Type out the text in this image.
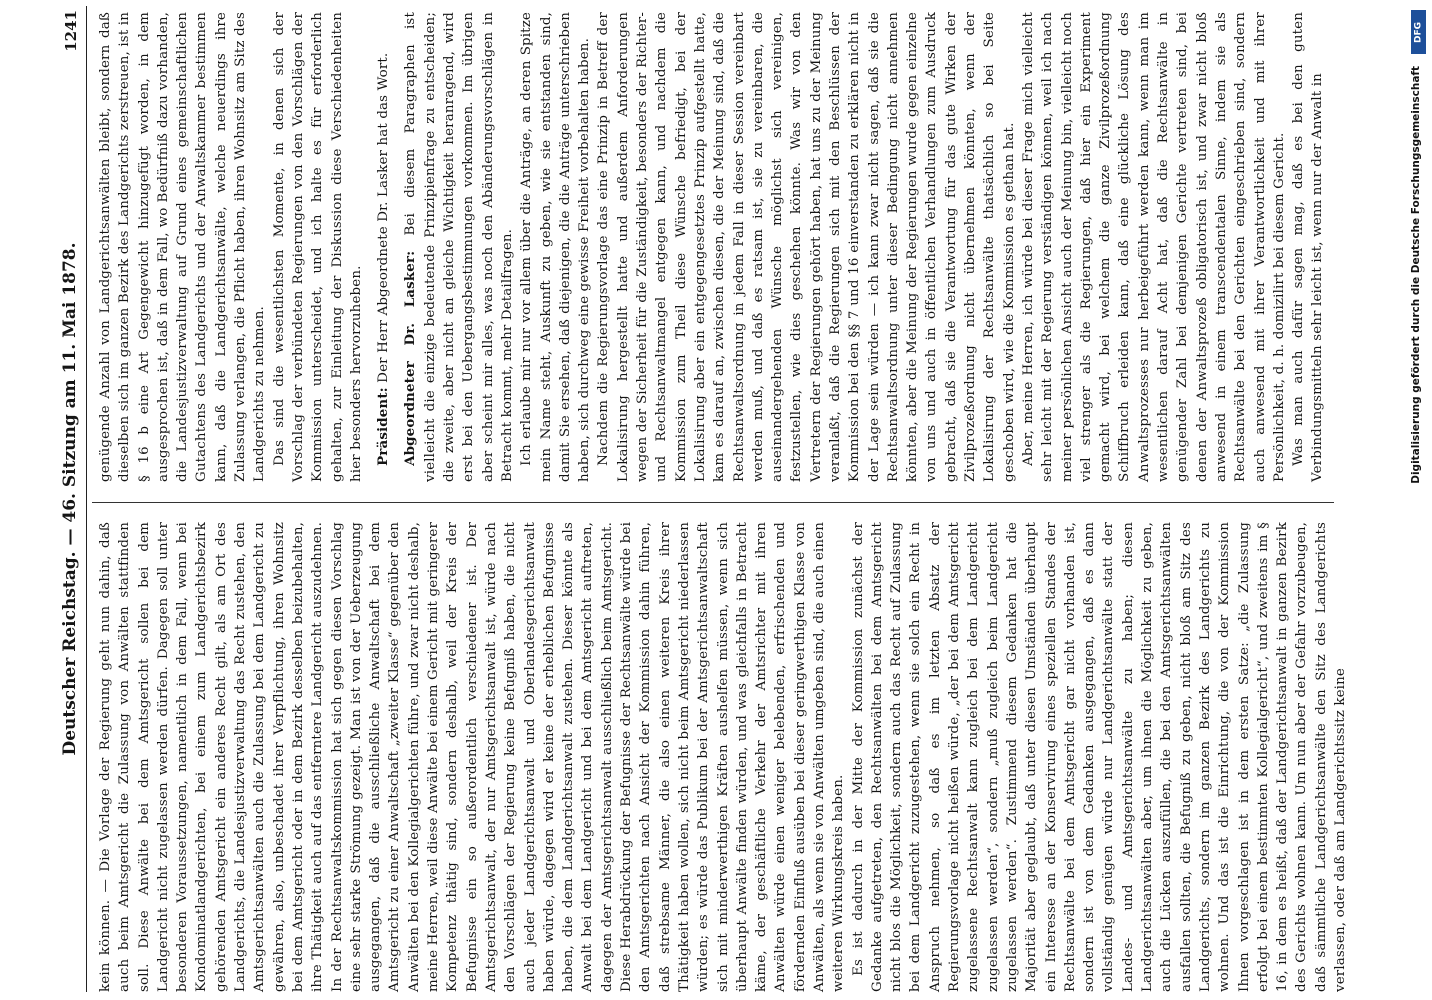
Deutscher Reichstag. — 46. Sitzung am 11. Mai 1878.
1241

kein können. — Die Vorlage der Regierung geht nun dahin, daß auch beim Amtsgericht die Zulassung von Anwälten stattfinden soll. Diese Anwälte bei dem Amtsgericht sollen bei dem Landgericht nicht zugelassen werden dürfen. Dagegen soll unter besonderen Voraussetzungen, namentlich in dem Fall, wenn bei Kondominatlandgerichten, bei einem zum Landgerichtsbezirk gehörenden Amtsgericht ein anderes Recht gilt, als am Ort des Landgerichts, die Landesjustizverwaltung das Recht zustehen, den Amtsgerichtsanwälten auch die Zulassung bei dem Landgericht zu gewähren, also, unbeschadet ihrer Verpflichtung, ihren Wohnsitz bei dem Amtsgericht oder in dem Bezirk desselben beizubehalten, ihre Thätigkeit auch auf das entferntere Landgericht auszudehnen. In der Rechtsanwaltskommission hat sich gegen diesen Vorschlag eine sehr starke Strömung gezeigt. Man ist von der Ueberzeugung ausgegangen, daß die ausschließliche Anwaltschaft bei dem Amtsgericht zu einer Anwaltschaft „zweiter Klasse“ gegenüber den Anwälten bei den Kollegialgerichten führe, und zwar nicht deshalb, meine Herren, weil diese Anwälte bei einem Gericht mit geringerer Kompetenz thätig sind, sondern deshalb, weil der Kreis der Befugnisse ein so außerordentlich verschiedener ist. Der Amtsgerichtsanwalt, der nur Amtsgerichtsanwalt ist, würde nach den Vorschlägen der Regierung keine Befugniß haben, die nicht auch jeder Landgerichtsanwalt und Oberlandesgerichtsanwalt haben würde, dagegen wird er keine der erheblichen Befugnisse haben, die dem Landgerichtsanwalt zustehen. Dieser könnte als Anwalt bei dem Landgericht und bei dem Amtsgericht auftreten, dagegen der Amtsgerichtsanwalt ausschließlich beim Amtsgericht. Diese Herabdrückung der Befugnisse der Rechtsanwälte würde bei den Amtsgerichten nach Ansicht der Kommission dahin führen, daß strebsame Männer, die also einen weiteren Kreis ihrer Thätigkeit haben wollen, sich nicht beim Amtsgericht niederlassen würden; es würde das Publikum bei der Amtsgerichtsanwaltschaft sich mit minderwerthigen Kräften aushelfen müssen, wenn sich überhaupt Anwälte finden würden, und was gleichfalls in Betracht käme, der geschäftliche Verkehr der Amtsrichter mit ihren Anwälten würde einen weniger belebenden, erfrischenden und fördernden Einfluß ausüben bei dieser geringwerthigen Klasse von Anwälten, als wenn sie von Anwälten umgeben sind, die auch einen weiteren Wirkungskreis haben. Es ist dadurch in der Mitte der Kommission zunächst der Gedanke aufgetreten, den Rechtsanwälten bei dem Amtsgericht nicht blos die Möglichkeit, sondern auch das Recht auf Zulassung bei dem Landgericht zuzugestehen, wenn sie solch ein Recht in Anspruch nehmen, so daß es im letzten Absatz der Regierungsvorlage nicht heißen würde, „der bei dem Amtsgericht zugelassene Rechtsanwalt kann zugleich bei dem Landgericht zugelassen werden“, sondern „muß zugleich beim Landgericht zugelassen werden“. Zustimmend diesem Gedanken hat die Majorität aber geglaubt, daß unter diesen Umständen überhaupt ein Interesse an der Konservirung eines speziellen Standes der Rechtsanwälte bei dem Amtsgericht gar nicht vorhanden ist, sondern ist von dem Gedanken ausgegangen, daß es dann vollständig genügen würde nur Landgerichtsanwälte statt der Landes- und Amtsgerichtsanwälte zu haben; diesen Landgerichtsanwälten aber, um ihnen die Möglichkeit zu geben, auch die Lücken auszufüllen, die bei den Amtsgerichtsanwälten ausfallen sollten, die Befugniß zu geben, nicht bloß am Sitz des Landgerichts, sondern im ganzen Bezirk des Landgerichts zu wohnen. Und das ist die Einrichtung, die von der Kommission Ihnen vorgeschlagen ist in dem ersten Satze: „die Zulassung erfolgt bei einem bestimmten Kollegialgericht“, und zweitens im § 16, in dem es heißt, daß der Landgerichtsanwalt in ganzen Bezirk des Gerichts wohnen kann. Um nun aber der Gefahr vorzubeugen, daß sämmtliche Landgerichtsanwälte den Sitz des Landgerichts verlassen, oder daß am Landgerichtssitz keine

genügende Anzahl von Landgerichtsanwälten bleibt, sondern daß dieselben sich im ganzen Bezirk des Landgerichts zerstreuen, ist in § 16 b eine Art Gegengewicht hinzugefügt worden, in dem ausgesprochen ist, daß in dem Fall, wo Bedürfniß dazu vorhanden, die Landesjustizverwaltung auf Grund eines gemeinschaftlichen Gutachtens des Landgerichts und der Anwaltskammer bestimmen kann, daß die Landgerichtsanwälte, welche neuerdings ihre Zulassung verlangen, die Pflicht haben, ihren Wohnsitz am Sitz des Landgerichts zu nehmen. Das sind die wesentlichsten Momente, in denen sich der Vorschlag der verbündeten Regierungen von den Vorschlägen der Kommission unterscheidet, und ich halte es für erforderlich gehalten, zur Einleitung der Diskussion diese Verschiedenheiten hier besonders hervorzuheben. Präsident: Der Herr Abgeordnete Dr. Lasker hat das Wort. Abgeordneter Dr. Lasker: Bei diesem Paragraphen ist vielleicht die einzige bedeutende Prinzipienfrage zu entscheiden; die zweite, aber nicht an gleiche Wichtigkeit heranragend, wird erst bei den Uebergangsbestimmungen vorkommen. Im übrigen aber scheint mir alles, was noch den Abänderungsvorschlägen in Betracht kommt, mehr Detailfragen. Ich erlaube mir nur vor allem über die Anträge, an deren Spitze mein Name steht, Auskunft zu geben, wie sie entstanden sind, damit Sie ersehen, daß diejenigen, die die Anträge unterschrieben haben, sich durchweg eine gewisse Freiheit vorbehalten haben. Nachdem die Regierungsvorlage das eine Prinzip in Betreff der Lokalisirung hergestellt hatte und außerdem Anforderungen wegen der Sicherheit für die Zuständigkeit, besonders der Richter- und Rechtsanwaltmangel entgegen kann, und nachdem die Kommission zum Theil diese Wünsche befriedigt, bei der Lokalisirung aber ein entgegengesetztes Prinzip aufgestellt hatte, kam es darauf an, zwischen diesen, die der Meinung sind, daß die Rechtsanwaltsordnung in jedem Fall in dieser Session vereinbart werden muß, und daß es ratsam ist, sie zu vereinbaren, die auseinandergehenden Wünsche möglichst sich vereinigen, festzustellen, wie dies geschehen könnte. Was wir von den Vertretern der Regierungen gehört haben, hat uns zu der Meinung veranlaßt, daß die Regierungen sich mit den Beschlüssen der Kommission bei den §§ 7 und 16 einverstanden zu erklären nicht in der Lage sein würden — ich kann zwar nicht sagen, daß sie die Rechtsanwaltsordnung unter dieser Bedingung nicht annehmen könnten, aber die Meinung der Regierungen wurde gegen einzelne von uns und auch in öffentlichen Verhandlungen zum Ausdruck gebracht, daß sie die Verantwortung für das gute Wirken der Zivilprozeßordnung nicht übernehmen könnten, wenn der Lokalisirung der Rechtsanwälte thatsächlich so bei Seite geschoben wird, wie die Kommission es gethan hat. Aber, meine Herren, ich würde bei dieser Frage mich vielleicht sehr leicht mit der Regierung verständigen können, weil ich nach meiner persönlichen Ansicht auch der Meinung bin, vielleicht noch viel strenger als die Regierungen, daß hier ein Experiment gemacht wird, bei welchem die ganze Zivilprozeßordnung Schiffbruch erleiden kann, daß eine glückliche Lösung des Anwaltsprozesses nur herbeigeführt werden kann, wenn man im wesentlichen darauf Acht hat, daß die Rechtsanwälte in genügender Zahl bei demjenigen Gerichte vertreten sind, bei denen der Anwaltsprozeß obligatorisch ist, und zwar nicht bloß anwesend in einem transcendentalen Sinne, indem sie als Rechtsanwälte bei den Gerichten eingeschrieben sind, sondern auch anwesend mit ihrer Verantwortlichkeit und mit ihrer Persönlichkeit, d. h. domizilirt bei diesem Gericht. Was man auch dafür sagen mag, daß es bei den guten Verbindungsmitteln sehr leicht ist, wenn nur der Anwalt in

DFG
Digitalisierung gefördert durch die Deutsche Forschungsgemeinschaft
